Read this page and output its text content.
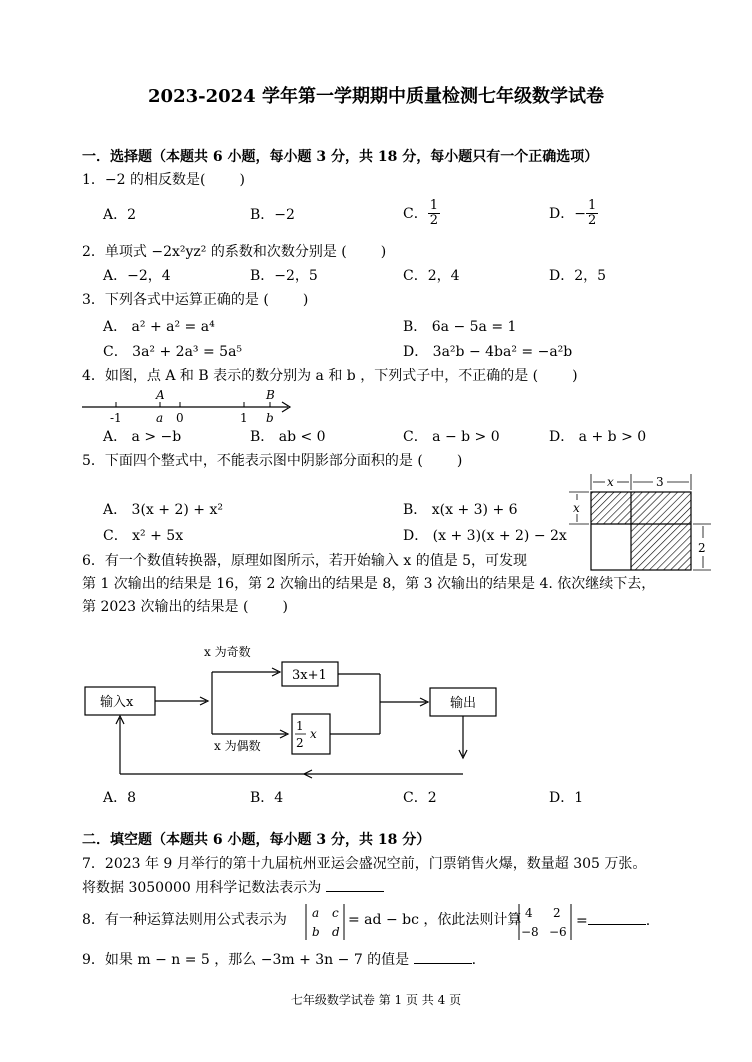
2023-2024 学年第一学期期中质量检测七年级数学试卷
一．选择题（本题共 6 小题，每小题 3 分，共 18 分，每小题只有一个正确选项）
1．−2 的相反数是( )
A．2	B．−2	C． $\frac{1}{2}$	D．− $\frac{1}{2}$
2．单项式 −2x²yz² 的系数和次数分别是 ( )
A．−2，4	B．−2，5	C．2，4	D．2，5
3．下列各式中运算正确的是 ( )
A． a² + a² = a⁴	B． 6a − 5a = 1
C． 3a² + 2a³ = 5a⁵	D． 3a²b − 4ba² = −a²b
4．如图，点 A 和 B 表示的数分别为 a 和 b ，下列式子中，不正确的是 ( )
-1
A
a 0	1
B
b
A． a > −b	B． ab < 0	C． a − b > 0	D． a + b > 0
5．下面四个整式中，不能表示图中阴影部分面积的是 ( )
A． 3(x + 2) + x²	B． x(x + 3) + 6
C． x² + 5x	D． (x + 3)(x + 2) − 2x
x	3
x
2
6．有一个数值转换器，原理如图所示，若开始输入 x 的值是 5，可发现
第 1 次输出的结果是 16，第 2 次输出的结果是 8，第 3 次输出的结果是 4. 依次继续下去，
第 2023 次输出的结果是 ( )
输入x
x 为奇数
x 为偶数
3x+1
1
2
x
输出
A．8	B．4	C．2	D．1
二．填空题（本题共 6 小题，每小题 3 分，共 18 分）
7．2023 年 9 月举行的第十九届杭州亚运会盛况空前，门票销售火爆，数量超 305 万张。
将数据 3050000 用科学记数法表示为
8．有一种运算法则用公式表示为 a c
b d
= ad − bc ，依此法则计算 4 2
−8 −6
=	.
9．如果 m − n = 5 ，那么 −3m + 3n − 7 的值是	.
七年级数学试卷 第 1 页 共 4 页
